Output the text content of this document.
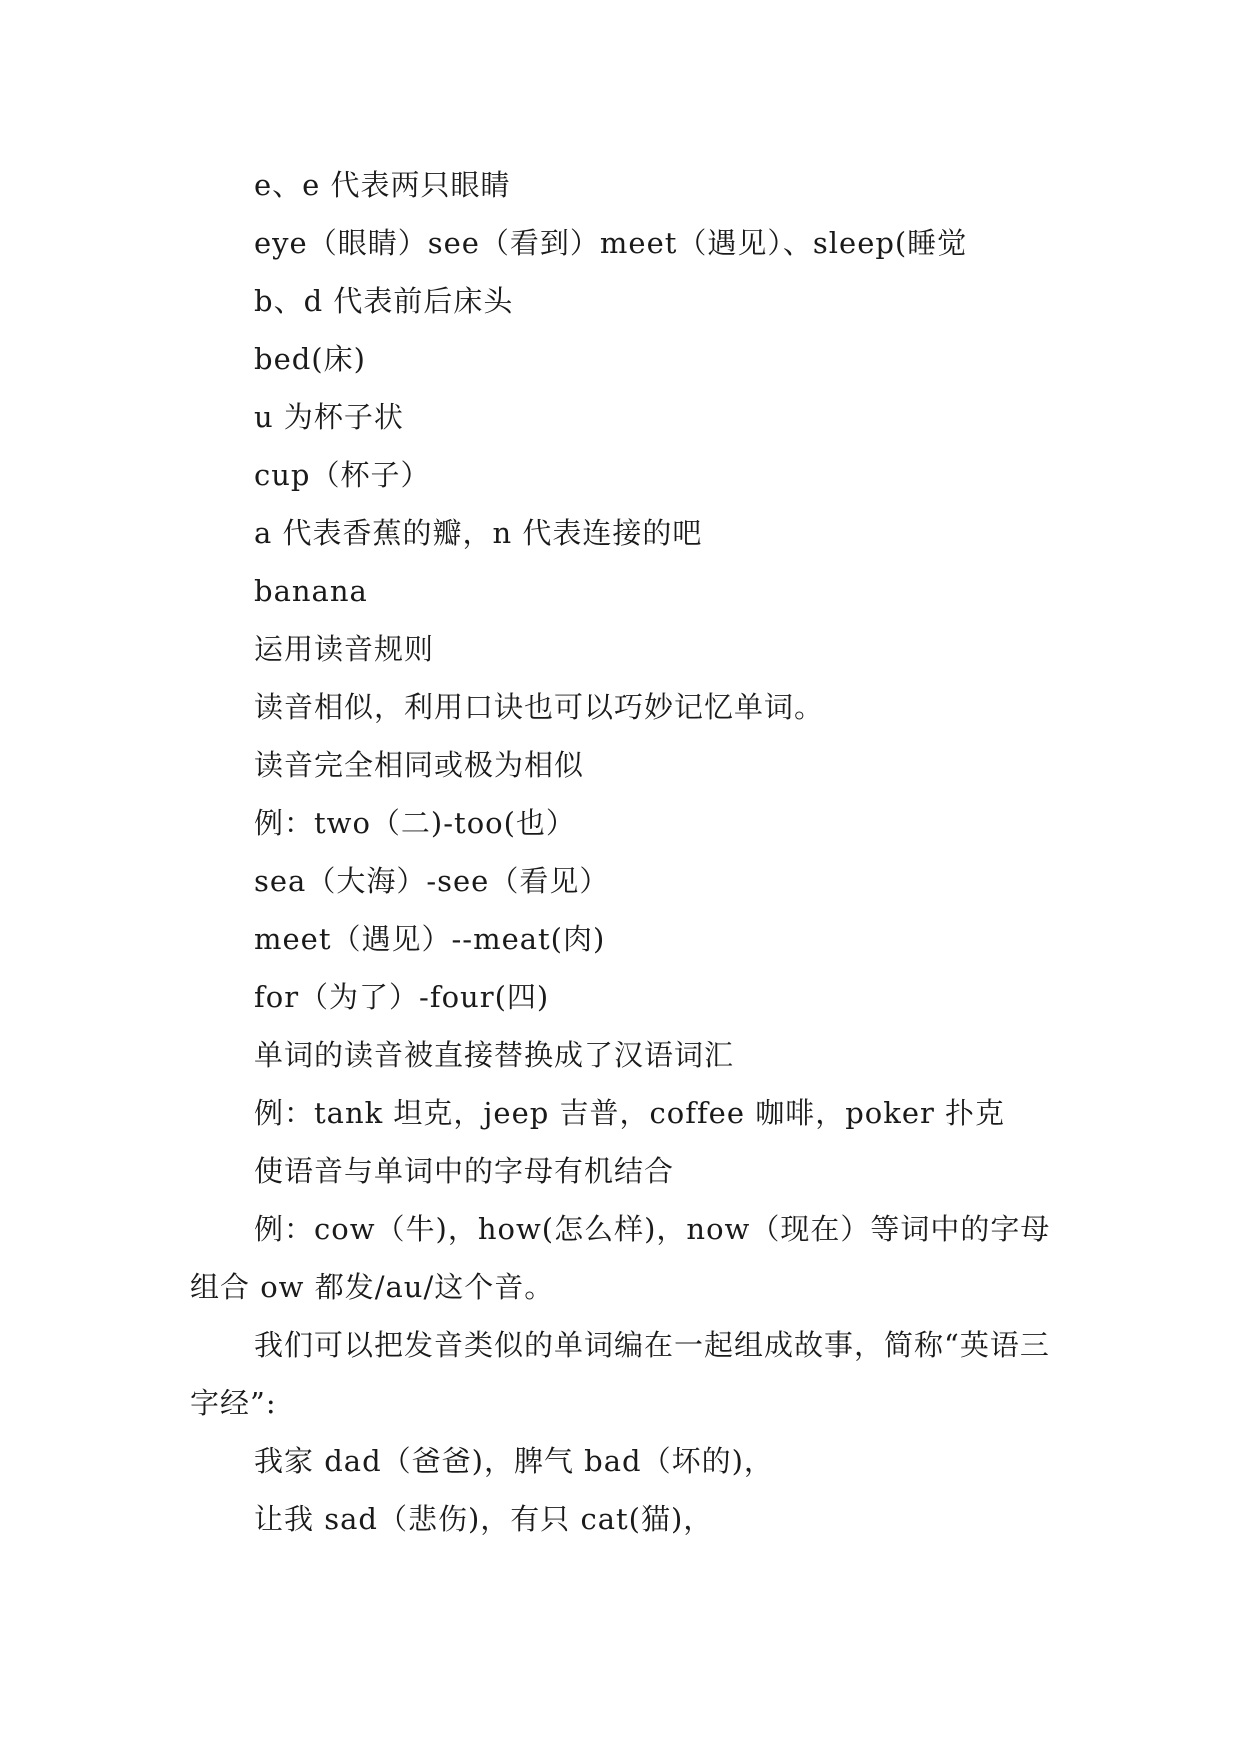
e、e 代表两只眼睛

eye（眼睛）see（看到）meet（遇见）、sleep(睡觉

b、d 代表前后床头

bed(床)

u 为杯子状

cup（杯子）

a 代表香蕉的瓣，n 代表连接的吧

banana

运用读音规则

读音相似，利用口诀也可以巧妙记忆单词。

读音完全相同或极为相似

例：two（二)-too(也）

sea（大海）-see（看见）

meet（遇见）--meat(肉)

for（为了）-four(四)

单词的读音被直接替换成了汉语词汇

例：tank 坦克，jeep 吉普，coffee 咖啡，poker 扑克

使语音与单词中的字母有机结合

例：cow（牛)，how(怎么样)，now（现在）等词中的字母组合 ow 都发/au/这个音。

我们可以把发音类似的单词编在一起组成故事，简称“英语三字经”:

我家 dad（爸爸)，脾气 bad（坏的)，

让我 sad（悲伤)，有只 cat(猫)，
